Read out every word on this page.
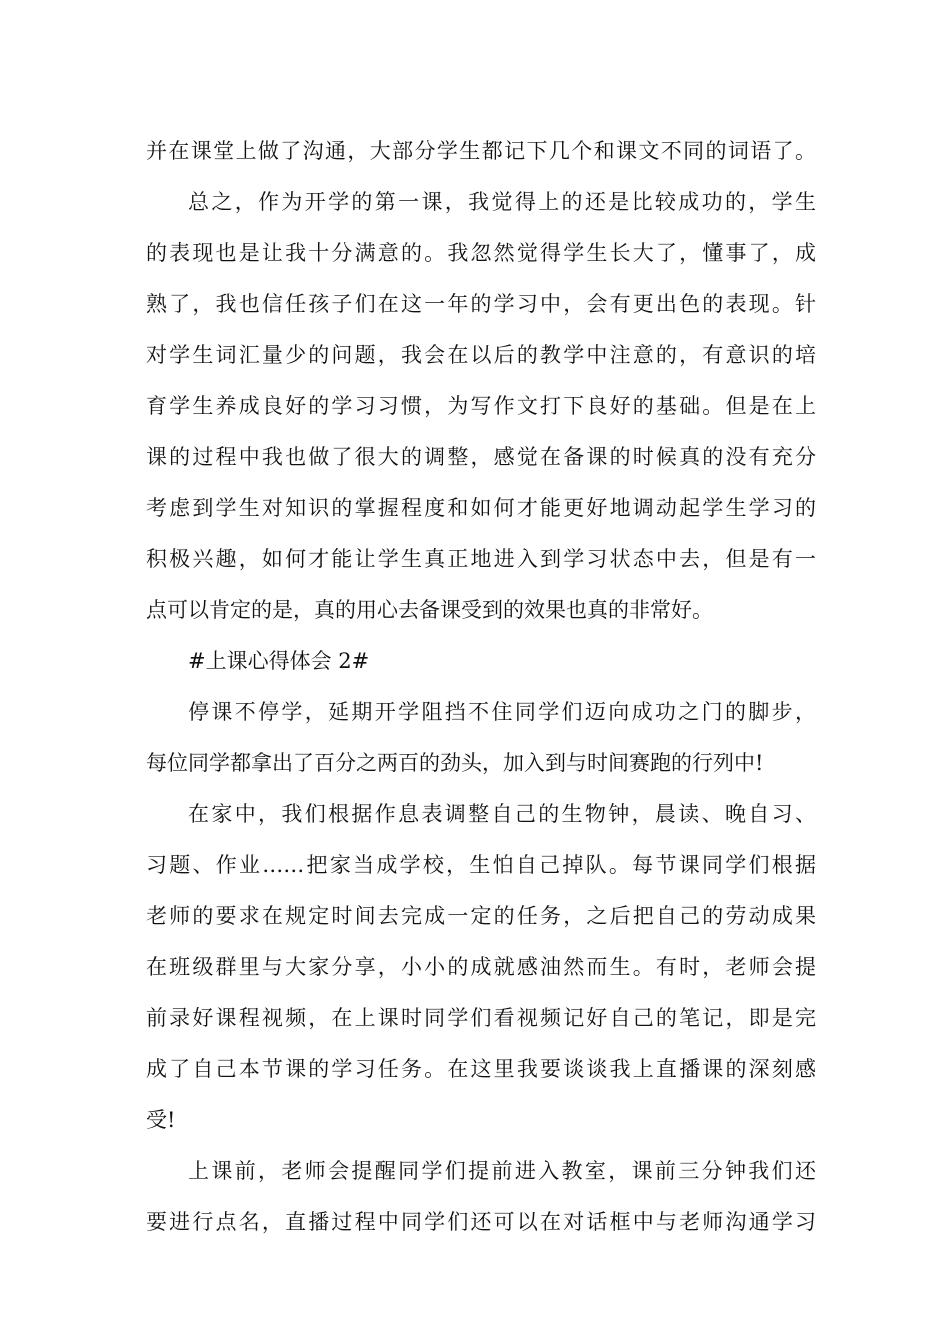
并在课堂上做了沟通，大部分学生都记下几个和课文不同的词语了。
总之，作为开学的第一课，我觉得上的还是比较成功的，学生
的表现也是让我十分满意的。我忽然觉得学生长大了，懂事了，成
熟了，我也信任孩子们在这一年的学习中，会有更出色的表现。针
对学生词汇量少的问题，我会在以后的教学中注意的，有意识的培
育学生养成良好的学习习惯，为写作文打下良好的基础。但是在上
课的过程中我也做了很大的调整，感觉在备课的时候真的没有充分
考虑到学生对知识的掌握程度和如何才能更好地调动起学生学习的
积极兴趣，如何才能让学生真正地进入到学习状态中去，但是有一
点可以肯定的是，真的用心去备课受到的效果也真的非常好。
#上课心得体会 2#
停课不停学，延期开学阻挡不住同学们迈向成功之门的脚步，
每位同学都拿出了百分之两百的劲头，加入到与时间赛跑的行列中!
在家中，我们根据作息表调整自己的生物钟，晨读、晚自习、
习题、作业……把家当成学校，生怕自己掉队。每节课同学们根据
老师的要求在规定时间去完成一定的任务，之后把自己的劳动成果
在班级群里与大家分享，小小的成就感油然而生。有时，老师会提
前录好课程视频，在上课时同学们看视频记好自己的笔记，即是完
成了自己本节课的学习任务。在这里我要谈谈我上直播课的深刻感
受!
上课前，老师会提醒同学们提前进入教室，课前三分钟我们还
要进行点名，直播过程中同学们还可以在对话框中与老师沟通学习
